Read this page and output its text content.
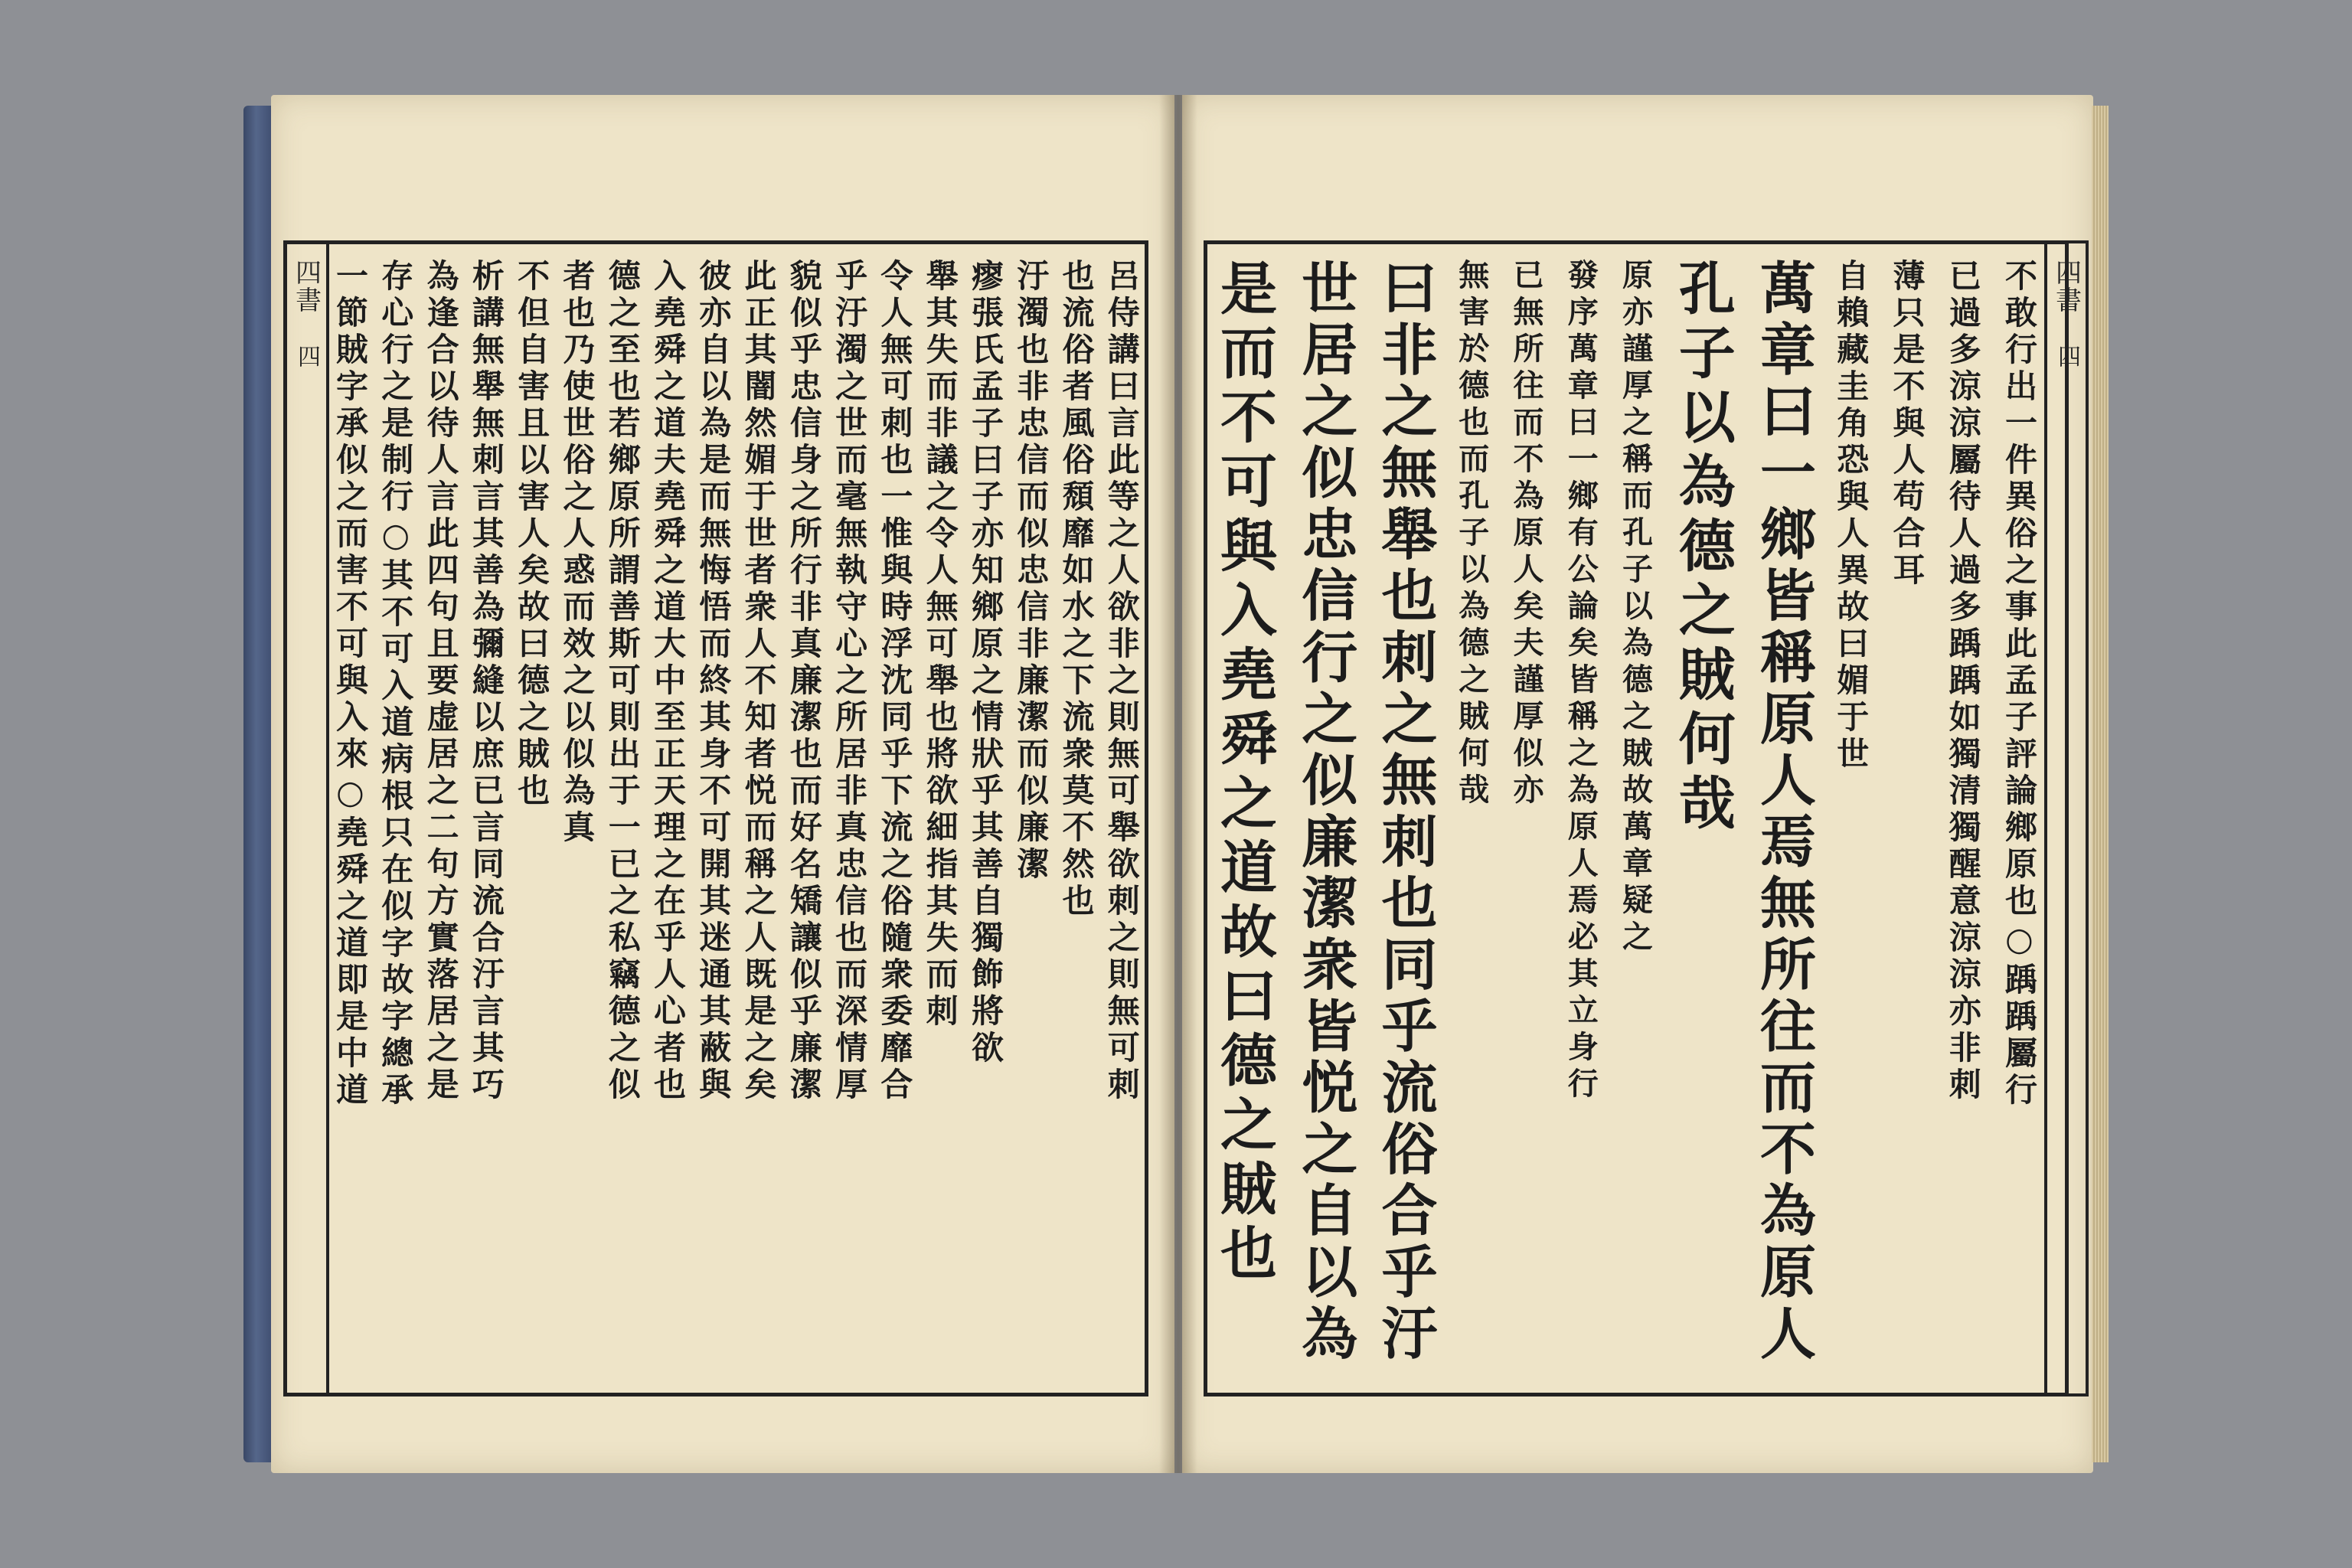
四書
四
四書
四
呂侍講曰言此等之人欲非之則無可舉欲刺之則無可刺
也流俗者風俗頹靡如水之下流衆莫不然也
汙濁也非忠信而似忠信非廉潔而似廉潔
瘳張氏孟子曰子亦知鄉原之情狀乎其善自獨飾將欲
舉其失而非議之令人無可舉也將欲細指其失而刺
令人無可刺也一惟與時浮沈同乎下流之俗隨衆委靡合
乎汙濁之世而毫無執守心之所居非真忠信也而深情厚
貌似乎忠信身之所行非真廉潔也而好名矯讓似乎廉潔
此正其闇然媚于世者衆人不知者悦而稱之人既是之矣
彼亦自以為是而無悔悟而終其身不可開其迷通其蔽與
入堯舜之道夫堯舜之道大中至正天理之在乎人心者也
德之至也若鄉原所謂善斯可則出于一已之私竊德之似
者也乃使世俗之人惑而效之以似為真
不但自害且以害人矣故曰德之賊也
析講無舉無刺言其善為彌縫以庶已言同流合汙言其巧
為逢合以待人言此四句且要虚居之二句方實落居之是
存心行之是制行○其不可入道病根只在似字故字總承
一節賊字承似之而害不可與入來○堯舜之道即是中道	不敢行出一件異俗之事此孟子評論鄉原也○踽踽屬行
已過多涼涼屬待人過多踽踽如獨清獨醒意涼涼亦非刺
薄只是不與人苟合耳
自賴藏圭角恐與人異故曰媚于世
萬章曰一鄉皆稱原人焉無所往而不為原人
孔子以為德之賊何哉
原亦謹厚之稱而孔子以為德之賊故萬章疑之
發序萬章曰一鄉有公論矣皆稱之為原人焉必其立身行
已無所往而不為原人矣夫謹厚似亦
無害於德也而孔子以為德之賊何哉
曰非之無舉也刺之無刺也同乎流俗合乎汙
世居之似忠信行之似廉潔衆皆悦之自以為
是而不可與入堯舜之道故曰德之賊也
